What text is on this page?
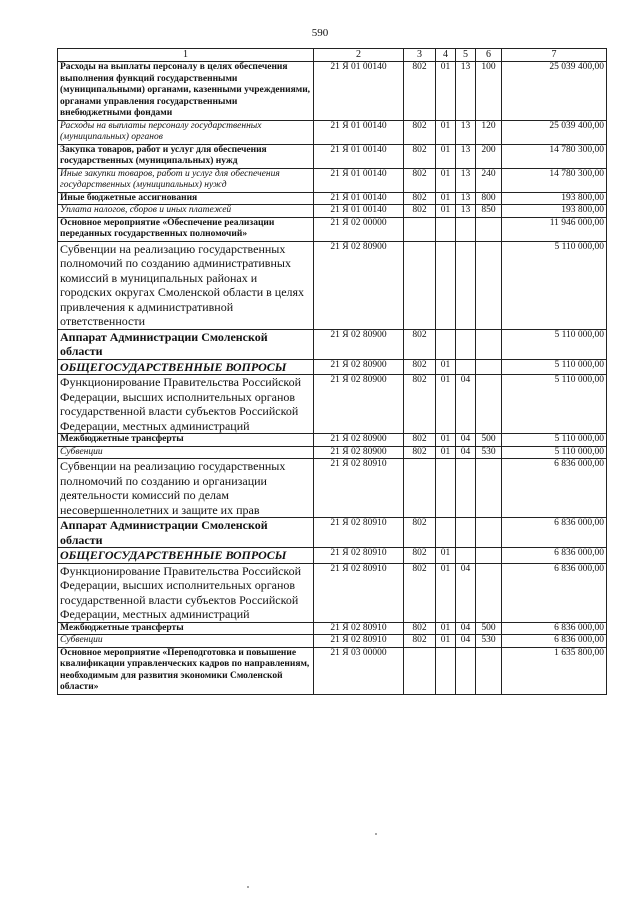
590
1	2	3	4	5	6	7
Расходы на выплаты персоналу в целях обеспечения выполнения функций государственными (муниципальными) органами, казенными учреждениями, органами управления государственными внебюджетными фондами	21 Я 01 00140	802	01	13	100	25 039 400,00
Расходы на выплаты персоналу государственных (муниципальных) органов	21 Я 01 00140	802	01	13	120	25 039 400,00
Закупка товаров, работ и услуг для обеспечения государственных (муниципальных) нужд	21 Я 01 00140	802	01	13	200	14 780 300,00
Иные закупки товаров, работ и услуг для обеспечения государственных (муниципальных) нужд	21 Я 01 00140	802	01	13	240	14 780 300,00
Иные бюджетные ассигнования	21 Я 01 00140	802	01	13	800	193 800,00
Уплата налогов, сборов и иных платежей	21 Я 01 00140	802	01	13	850	193 800,00
Основное мероприятие «Обеспечение реализации переданных государственных полномочий»	21 Я 02 00000					11 946 000,00
Субвенции на реализацию государственных полномочий по созданию административных комиссий в муниципальных районах и городских округах Смоленской области в целях привлечения к административной ответственности	21 Я 02 80900					5 110 000,00
Аппарат Администрации Смоленской области	21 Я 02 80900	802				5 110 000,00
ОБЩЕГОСУДАРСТВЕННЫЕ ВОПРОСЫ	21 Я 02 80900	802	01			5 110 000,00
Функционирование Правительства Российской Федерации, высших исполнительных органов государственной власти субъектов Российской Федерации, местных администраций	21 Я 02 80900	802	01	04		5 110 000,00
Межбюджетные трансферты	21 Я 02 80900	802	01	04	500	5 110 000,00
Субвенции	21 Я 02 80900	802	01	04	530	5 110 000,00
Субвенции на реализацию государственных полномочий по созданию и организации деятельности комиссий по делам несовершеннолетних и защите их прав	21 Я 02 80910					6 836 000,00
Аппарат Администрации Смоленской области	21 Я 02 80910	802				6 836 000,00
ОБЩЕГОСУДАРСТВЕННЫЕ ВОПРОСЫ	21 Я 02 80910	802	01			6 836 000,00
Функционирование Правительства Российской Федерации, высших исполнительных органов государственной власти субъектов Российской Федерации, местных администраций	21 Я 02 80910	802	01	04		6 836 000,00
Межбюджетные трансферты	21 Я 02 80910	802	01	04	500	6 836 000,00
Субвенции	21 Я 02 80910	802	01	04	530	6 836 000,00
Основное мероприятие «Переподготовка и повышение квалификации управленческих кадров по направлениям, необходимым для развития экономики Смоленской области»	21 Я 03 00000					1 635 800,00
